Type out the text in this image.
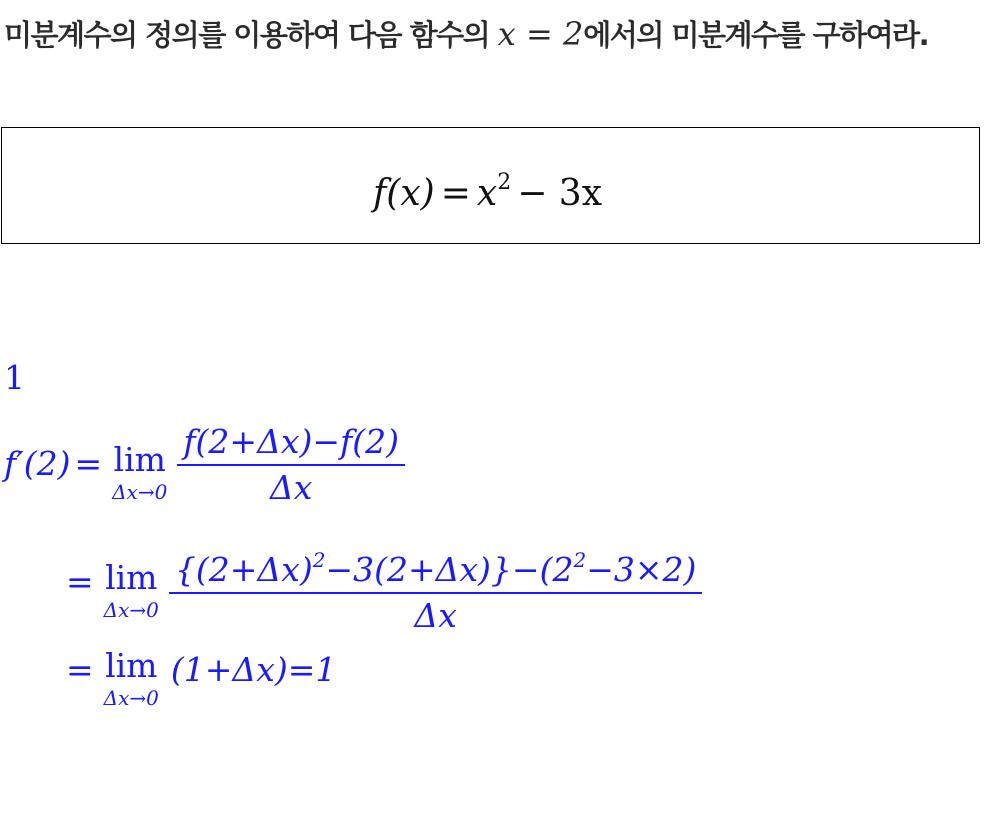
미분계수의 정의를 이용하여 다음 함수의 x = 2에서의 미분계수를 구하여라.
$f(x) = x^2 - 3x$
1
f′(2) = lim
$\Delta x\to 0 \frac{f(2+\Delta x)-f(2)}{\Delta x}$
= lim
$\Delta x\to 0 \frac{\{(2+\Delta x)^2-3(2+\Delta x)\}-(2^2-3\times 2)}{\Delta x}$
= lim
Δx→0
(1+Δx)=1
